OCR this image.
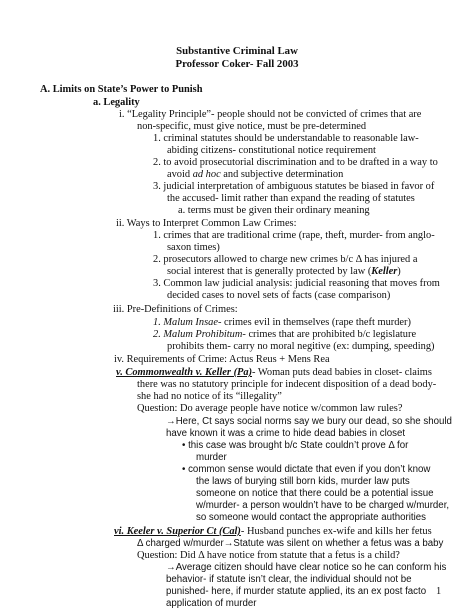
Substantive Criminal Law
Professor Coker- Fall 2003
A. Limits on State’s Power to Punish
a. Legality
i. “Legality Principle”- people should not be convicted of crimes that are
non-specific, must give notice, must be pre-determined
1. criminal statutes should be understandable to reasonable law-
abiding citizens- constitutional notice requirement
2. to avoid prosecutorial discrimination and to be drafted in a way to
avoid ad hoc and subjective determination
3. judicial interpretation of ambiguous statutes be biased in favor of
the accused- limit rather than expand the reading of statutes
a. terms must be given their ordinary meaning
ii. Ways to Interpret Common Law Crimes:
1. crimes that are traditional crime (rape, theft, murder- from anglo-
saxon times)
2. prosecutors allowed to charge new crimes b/c Δ has injured a
social interest that is generally protected by law (Keller)
3. Common law judicial analysis: judicial reasoning that moves from
decided cases to novel sets of facts (case comparison)
iii. Pre-Definitions of Crimes:
1. Malum Insae- crimes evil in themselves (rape theft murder)
2. Malum Prohibitum- crimes that are prohibited b/c legislature
prohibits them- carry no moral negitive (ex: dumping, speeding)
iv. Requirements of Crime: Actus Reus + Mens Rea
v. Commonwealth v. Keller (Pa)- Woman puts dead babies in closet- claims
there was no statutory principle for indecent disposition of a dead body-
she had no notice of its “illegality”
Question: Do average people have notice w/common law rules?
→Here, Ct says social norms say we bury our dead, so she should
have known it was a crime to hide dead babies in closet
• this case was brought b/c State couldn’t prove Δ for
murder
• common sense would dictate that even if you don’t know
the laws of burying still born kids, murder law puts
someone on notice that there could be a potential issue
w/murder- a person wouldn’t have to be charged w/murder,
so someone would contact the appropriate authorities
vi. Keeler v. Superior Ct (Cal)- Husband punches ex-wife and kills her fetus
Δ charged w/murder→Statute was silent on whether a fetus was a baby
Question: Did Δ have notice from statute that a fetus is a child?
→Average citizen should have clear notice so he can conform his
behavior- if statute isn’t clear, the individual should not be
punished- here, if murder statute applied, its an ex post facto
application of murder
1
